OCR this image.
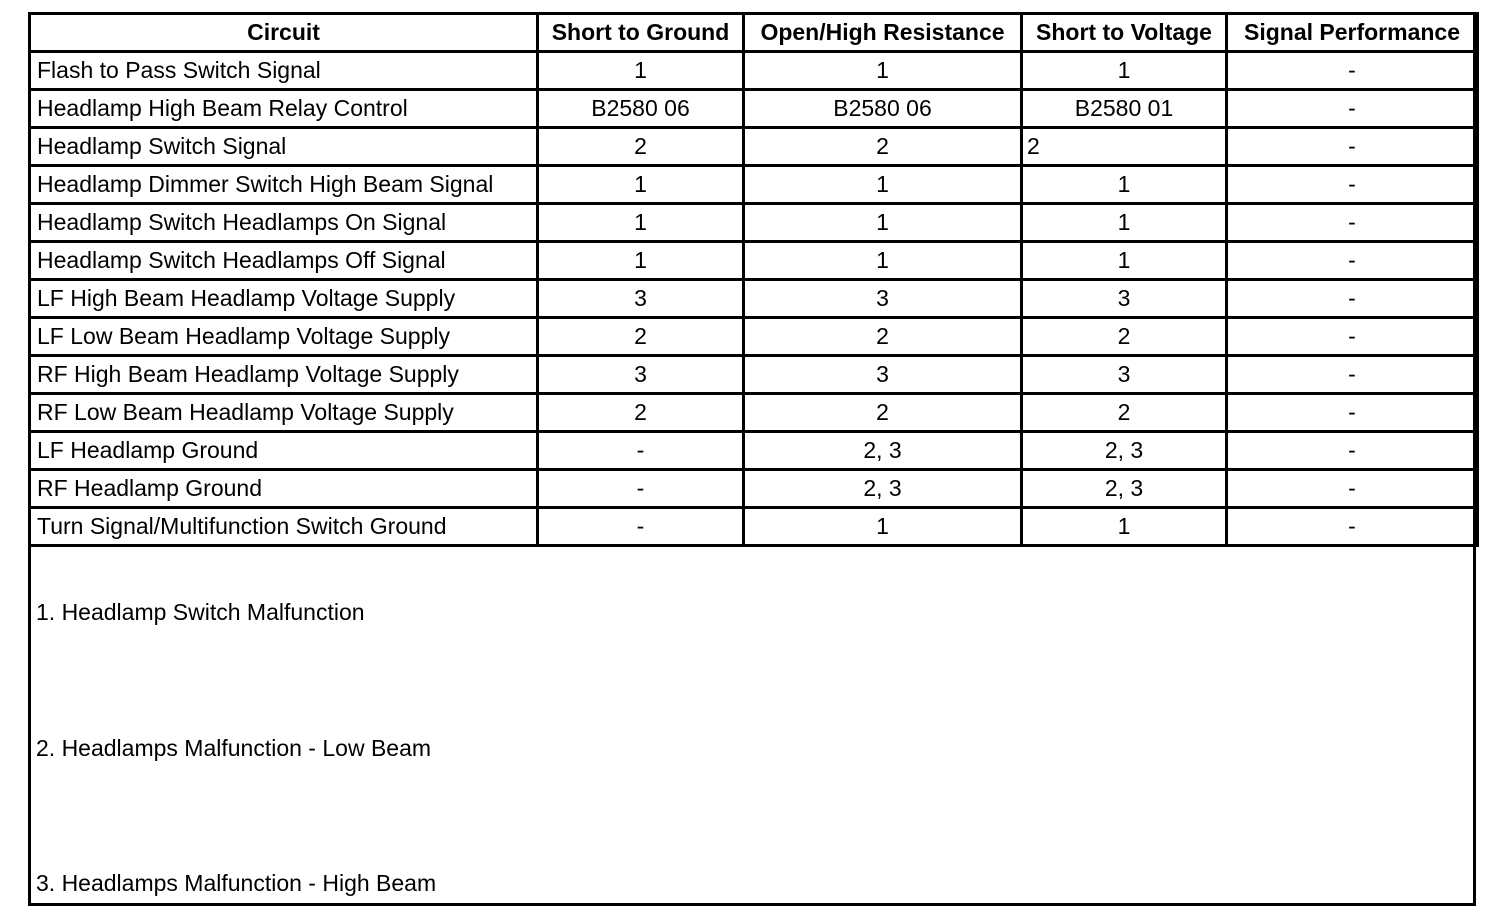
Circuit	Short to Ground	Open/High Resistance	Short to Voltage	Signal Performance
Flash to Pass Switch Signal	1	1	1	-
Headlamp High Beam Relay Control	B2580 06	B2580 06	B2580 01	-
Headlamp Switch Signal	2	2	2	-
Headlamp Dimmer Switch High Beam Signal	1	1	1	-
Headlamp Switch Headlamps On Signal	1	1	1	-
Headlamp Switch Headlamps Off Signal	1	1	1	-
LF High Beam Headlamp Voltage Supply	3	3	3	-
LF Low Beam Headlamp Voltage Supply	2	2	2	-
RF High Beam Headlamp Voltage Supply	3	3	3	-
RF Low Beam Headlamp Voltage Supply	2	2	2	-
LF Headlamp Ground	-	2, 3	2, 3	-
RF Headlamp Ground	-	2, 3	2, 3	-
Turn Signal/Multifunction Switch Ground	-	1	1	-
1. Headlamp Switch Malfunction
2. Headlamps Malfunction - Low Beam
3. Headlamps Malfunction - High Beam
